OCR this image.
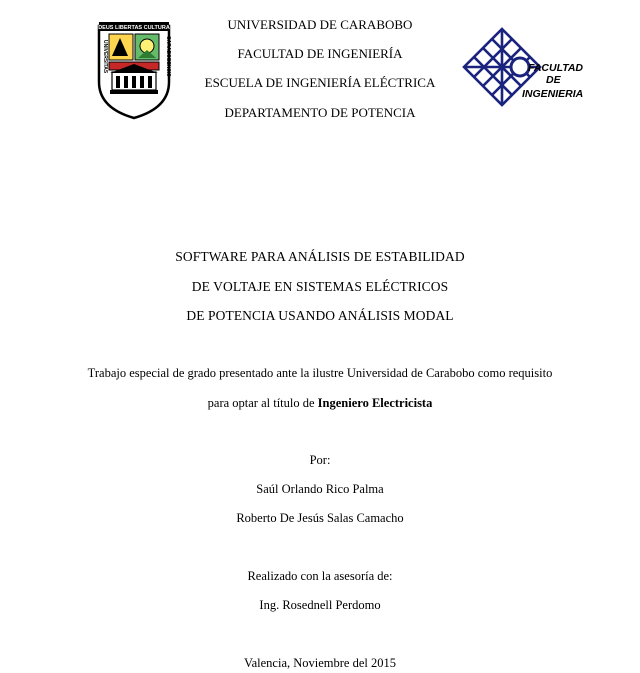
DEUS LIBERTAS CULTURA
UNIVERSITAS	CARABOBENSIS
UNIVERSIDAD DE CARABOBO
FACULTAD DE INGENIERÍA
ESCUELA DE INGENIERÍA ELÉCTRICA
DEPARTAMENTO DE POTENCIA
FACULTAD
DE
INGENIERIA
SOFTWARE PARA ANÁLISIS DE ESTABILIDAD
DE VOLTAJE EN SISTEMAS ELÉCTRICOS
DE POTENCIA USANDO ANÁLISIS MODAL
Trabajo especial de grado presentado ante la ilustre Universidad de Carabobo como requisito
para optar al título de Ingeniero Electricista
Por:
Saúl Orlando Rico Palma
Roberto De Jesús Salas Camacho
Realizado con la asesoría de:
Ing. Rosednell Perdomo
Valencia, Noviembre del 2015
